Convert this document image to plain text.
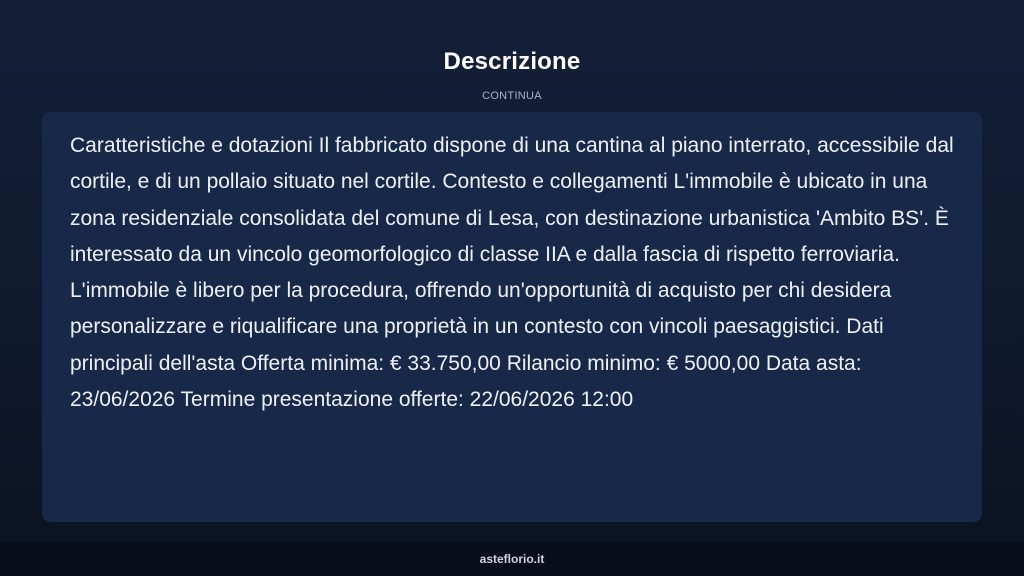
Descrizione
CONTINUA

Caratteristiche e dotazioni Il fabbricato dispone di una cantina al piano interrato, accessibile dal cortile, e di un pollaio situato nel cortile. Contesto e collegamenti L'immobile è ubicato in una zona residenziale consolidata del comune di Lesa, con destinazione urbanistica 'Ambito BS'. È interessato da un vincolo geomorfologico di classe IIA e dalla fascia di rispetto ferroviaria. L'immobile è libero per la procedura, offrendo un'opportunità di acquisto per chi desidera personalizzare e riqualificare una proprietà in un contesto con vincoli paesaggistici. Dati principali dell'asta Offerta minima: € 33.750,00 Rilancio minimo: € 5000,00 Data asta: 23/06/2026 Termine presentazione offerte: 22/06/2026 12:00

asteflorio.it
